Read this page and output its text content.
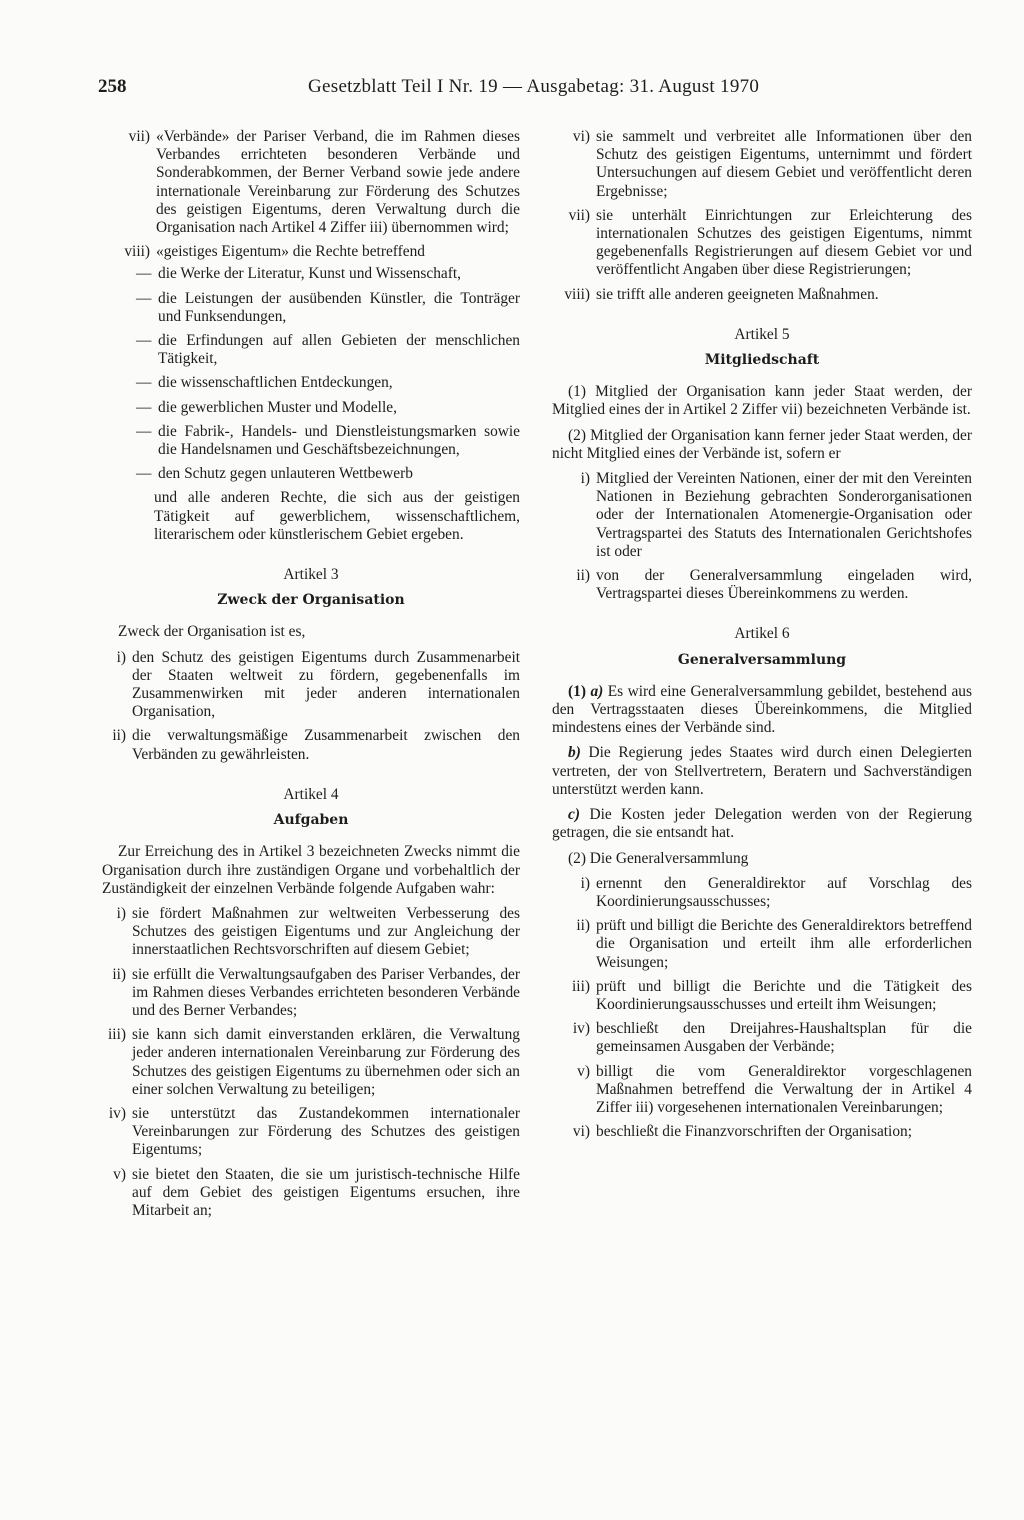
258	Gesetzblatt Teil I Nr. 19 — Ausgabetag: 31. August 1970
vii) «Verbände» der Pariser Verband, die im Rahmen dieses Verbandes errichteten besonderen Verbände und Sonderabkommen, der Berner Verband sowie jede andere internationale Vereinbarung zur Förderung des Schutzes des geistigen Eigentums, deren Verwaltung durch die Organisation nach Artikel 4 Ziffer iii) übernommen wird;
viii) «geistiges Eigentum» die Rechte betreffend
— die Werke der Literatur, Kunst und Wissenschaft,
— die Leistungen der ausübenden Künstler, die Tonträger und Funksendungen,
— die Erfindungen auf allen Gebieten der menschlichen Tätigkeit,
— die wissenschaftlichen Entdeckungen,
— die gewerblichen Muster und Modelle,
— die Fabrik-, Handels- und Dienstleistungsmarken sowie die Handelsnamen und Geschäftsbezeichnungen,
— den Schutz gegen unlauteren Wettbewerb
und alle anderen Rechte, die sich aus der geistigen Tätigkeit auf gewerblichem, wissenschaftlichem, literarischem oder künstlerischem Gebiet ergeben.
Artikel 3
Zweck der Organisation
Zweck der Organisation ist es,
i) den Schutz des geistigen Eigentums durch Zusammenarbeit der Staaten weltweit zu fördern, gegebenenfalls im Zusammenwirken mit jeder anderen internationalen Organisation,
ii) die verwaltungsmäßige Zusammenarbeit zwischen den Verbänden zu gewährleisten.
Artikel 4
Aufgaben
Zur Erreichung des in Artikel 3 bezeichneten Zwecks nimmt die Organisation durch ihre zuständigen Organe und vorbehaltlich der Zuständigkeit der einzelnen Verbände folgende Aufgaben wahr:
i) sie fördert Maßnahmen zur weltweiten Verbesserung des Schutzes des geistigen Eigentums und zur Angleichung der innerstaatlichen Rechtsvorschriften auf diesem Gebiet;
ii) sie erfüllt die Verwaltungsaufgaben des Pariser Verbandes, der im Rahmen dieses Verbandes errichteten besonderen Verbände und des Berner Verbandes;
iii) sie kann sich damit einverstanden erklären, die Verwaltung jeder anderen internationalen Vereinbarung zur Förderung des Schutzes des geistigen Eigentums zu übernehmen oder sich an einer solchen Verwaltung zu beteiligen;
iv) sie unterstützt das Zustandekommen internationaler Vereinbarungen zur Förderung des Schutzes des geistigen Eigentums;
v) sie bietet den Staaten, die sie um juristisch-technische Hilfe auf dem Gebiet des geistigen Eigentums ersuchen, ihre Mitarbeit an;
vi) sie sammelt und verbreitet alle Informationen über den Schutz des geistigen Eigentums, unternimmt und fördert Untersuchungen auf diesem Gebiet und veröffentlicht deren Ergebnisse;
vii) sie unterhält Einrichtungen zur Erleichterung des internationalen Schutzes des geistigen Eigentums, nimmt gegebenenfalls Registrierungen auf diesem Gebiet vor und veröffentlicht Angaben über diese Registrierungen;
viii) sie trifft alle anderen geeigneten Maßnahmen.
Artikel 5
Mitgliedschaft
(1) Mitglied der Organisation kann jeder Staat werden, der Mitglied eines der in Artikel 2 Ziffer vii) bezeichneten Verbände ist.
(2) Mitglied der Organisation kann ferner jeder Staat werden, der nicht Mitglied eines der Verbände ist, sofern er
i) Mitglied der Vereinten Nationen, einer der mit den Vereinten Nationen in Beziehung gebrachten Sonderorganisationen oder der Internationalen Atomenergie-Organisation oder Vertragspartei des Statuts des Internationalen Gerichtshofes ist oder
ii) von der Generalversammlung eingeladen wird, Vertragspartei dieses Übereinkommens zu werden.
Artikel 6
Generalversammlung
(1) a) Es wird eine Generalversammlung gebildet, bestehend aus den Vertragsstaaten dieses Übereinkommens, die Mitglied mindestens eines der Verbände sind.
b) Die Regierung jedes Staates wird durch einen Delegierten vertreten, der von Stellvertretern, Beratern und Sachverständigen unterstützt werden kann.
c) Die Kosten jeder Delegation werden von der Regierung getragen, die sie entsandt hat.
(2) Die Generalversammlung
i) ernennt den Generaldirektor auf Vorschlag des Koordinierungsausschusses;
ii) prüft und billigt die Berichte des Generaldirektors betreffend die Organisation und erteilt ihm alle erforderlichen Weisungen;
iii) prüft und billigt die Berichte und die Tätigkeit des Koordinierungsausschusses und erteilt ihm Weisungen;
iv) beschließt den Dreijahres-Haushaltsplan für die gemeinsamen Ausgaben der Verbände;
v) billigt die vom Generaldirektor vorgeschlagenen Maßnahmen betreffend die Verwaltung der in Artikel 4 Ziffer iii) vorgesehenen internationalen Vereinbarungen;
vi) beschließt die Finanzvorschriften der Organisation;
